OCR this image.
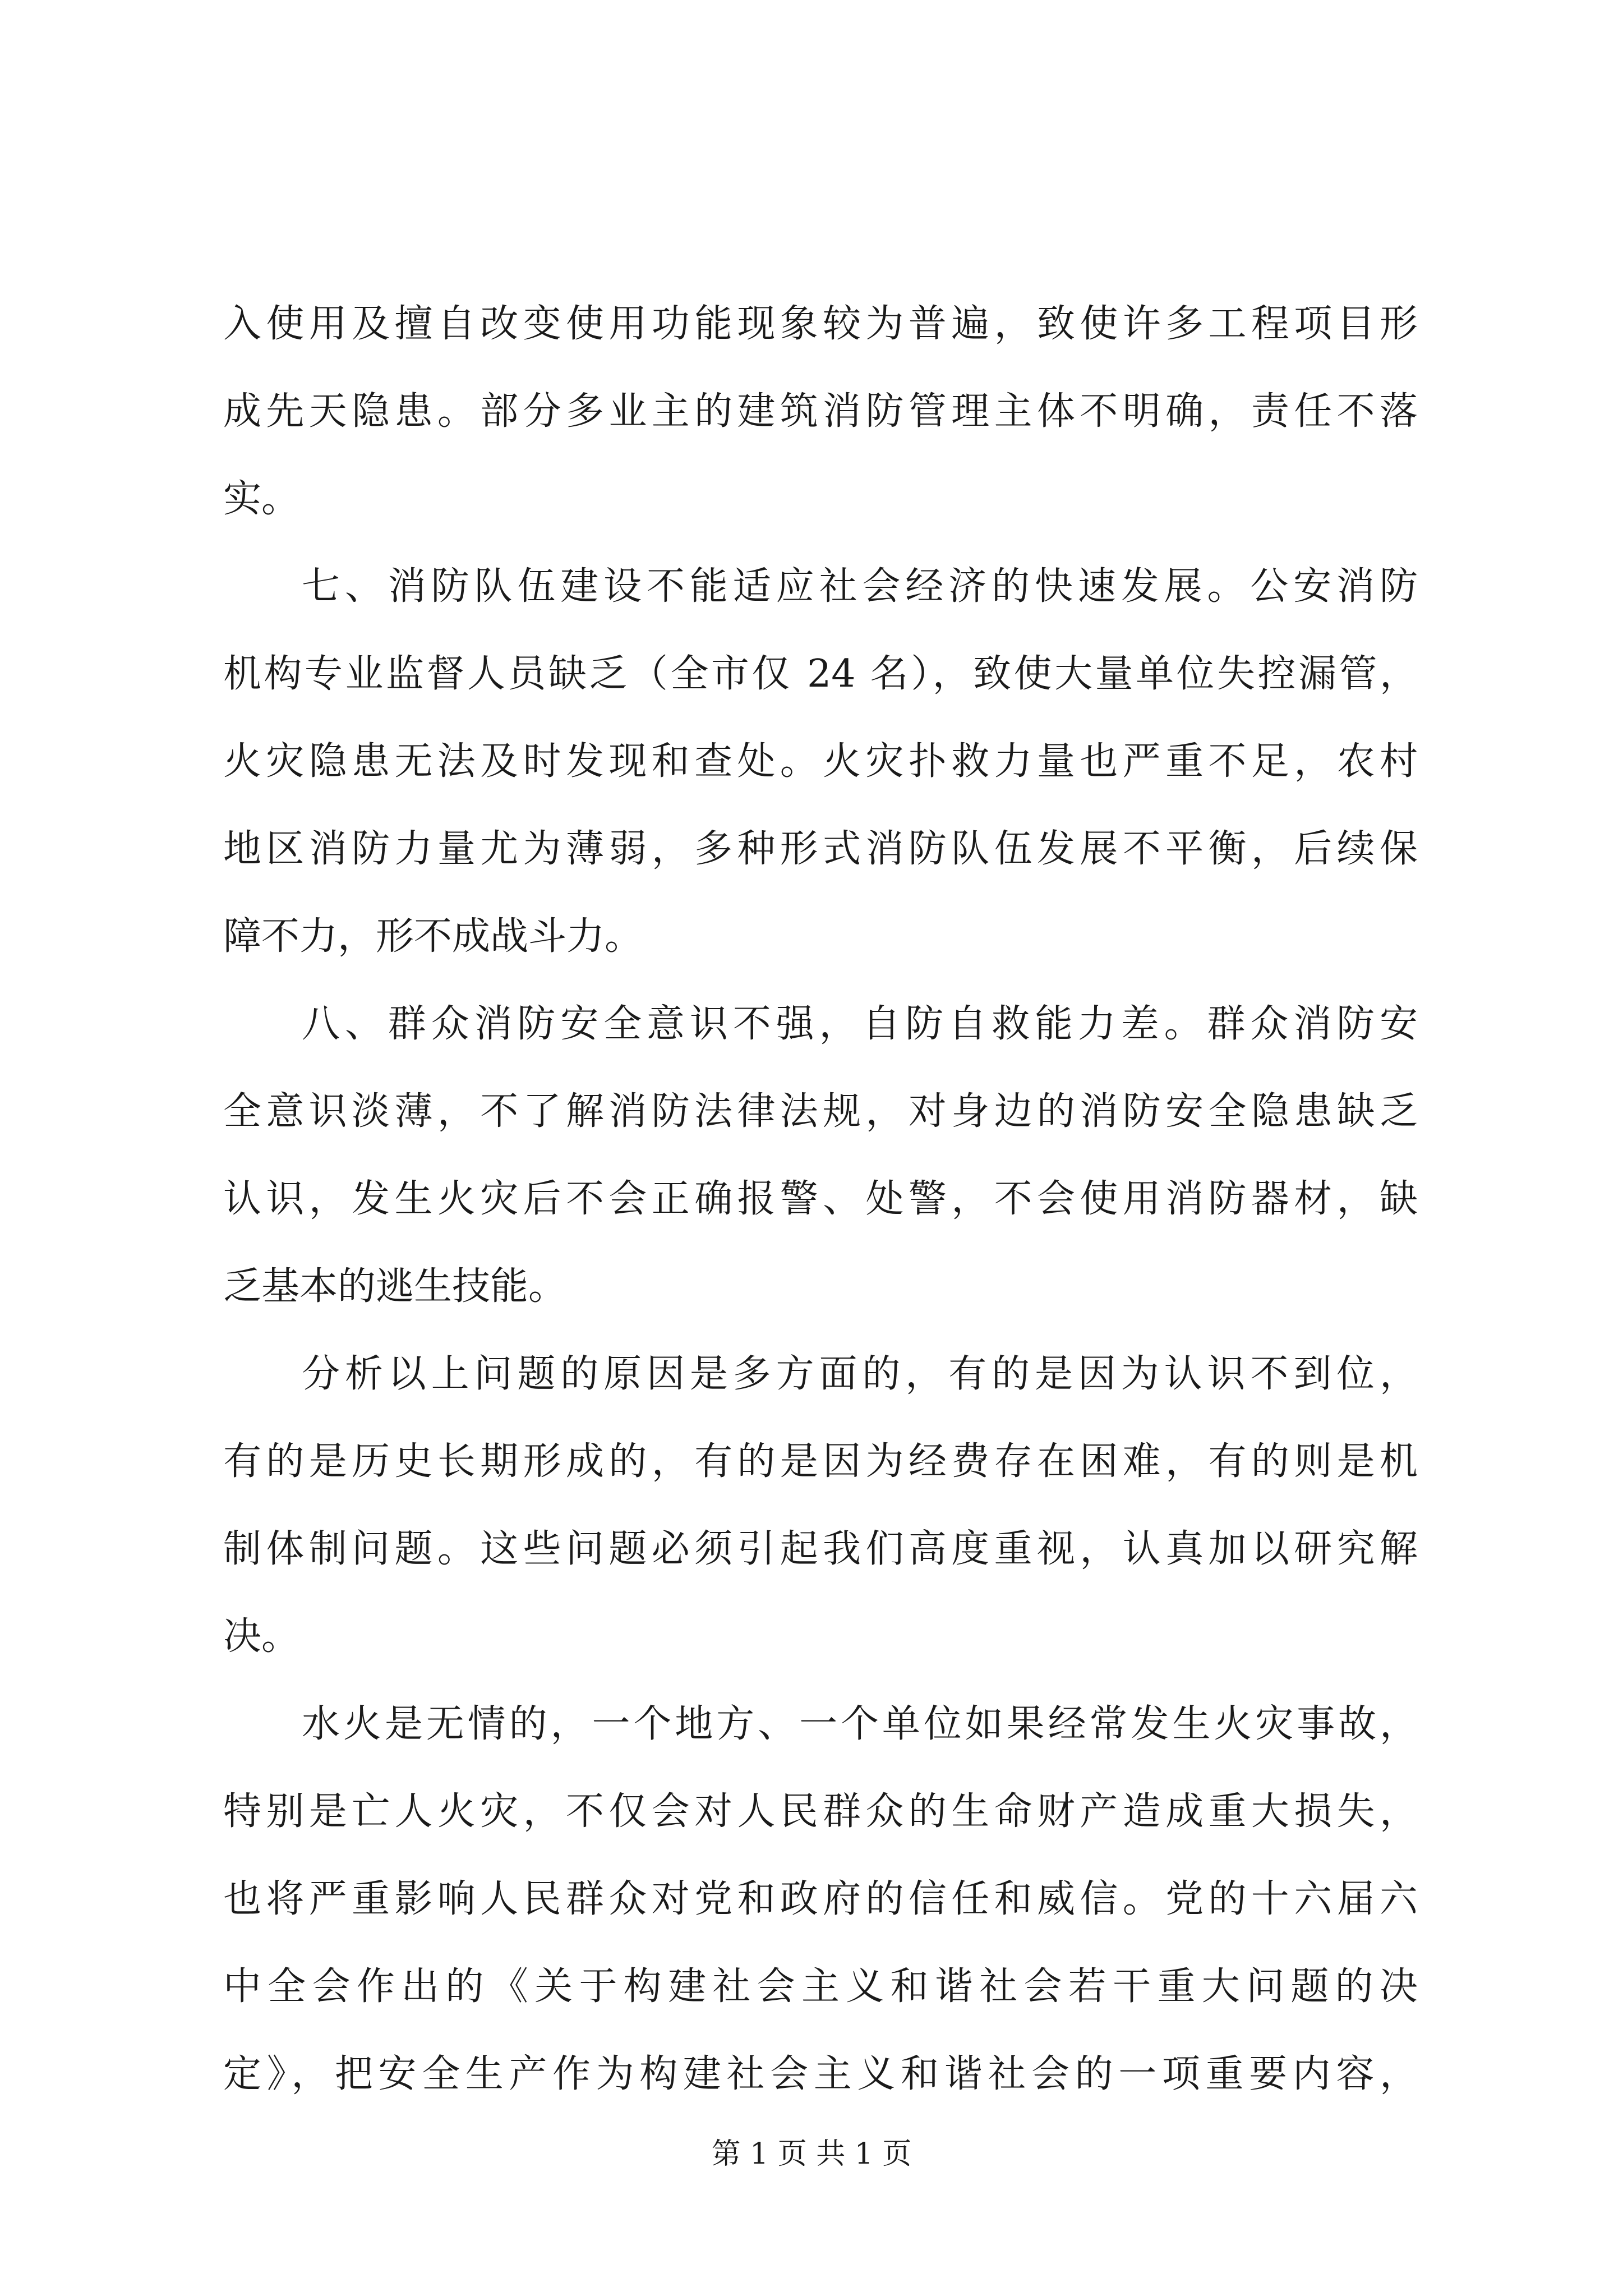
入使用及擅自改变使用功能现象较为普遍，致使许多工程项目形
成先天隐患。部分多业主的建筑消防管理主体不明确，责任不落
实。
七、消防队伍建设不能适应社会经济的快速发展。公安消防
机构专业监督人员缺乏（全市仅 24 名），致使大量单位失控漏管，
火灾隐患无法及时发现和查处。火灾扑救力量也严重不足，农村
地区消防力量尤为薄弱，多种形式消防队伍发展不平衡，后续保
障不力，形不成战斗力。
八、群众消防安全意识不强，自防自救能力差。群众消防安
全意识淡薄，不了解消防法律法规，对身边的消防安全隐患缺乏
认识，发生火灾后不会正确报警、处警，不会使用消防器材，缺
乏基本的逃生技能。
分析以上问题的原因是多方面的，有的是因为认识不到位，
有的是历史长期形成的，有的是因为经费存在困难，有的则是机
制体制问题。这些问题必须引起我们高度重视，认真加以研究解
决。
水火是无情的，一个地方、一个单位如果经常发生火灾事故，
特别是亡人火灾，不仅会对人民群众的生命财产造成重大损失，
也将严重影响人民群众对党和政府的信任和威信。党的十六届六
中全会作出的《关于构建社会主义和谐社会若干重大问题的决
定》，把安全生产作为构建社会主义和谐社会的一项重要内容，
第 1 页 共 1 页
